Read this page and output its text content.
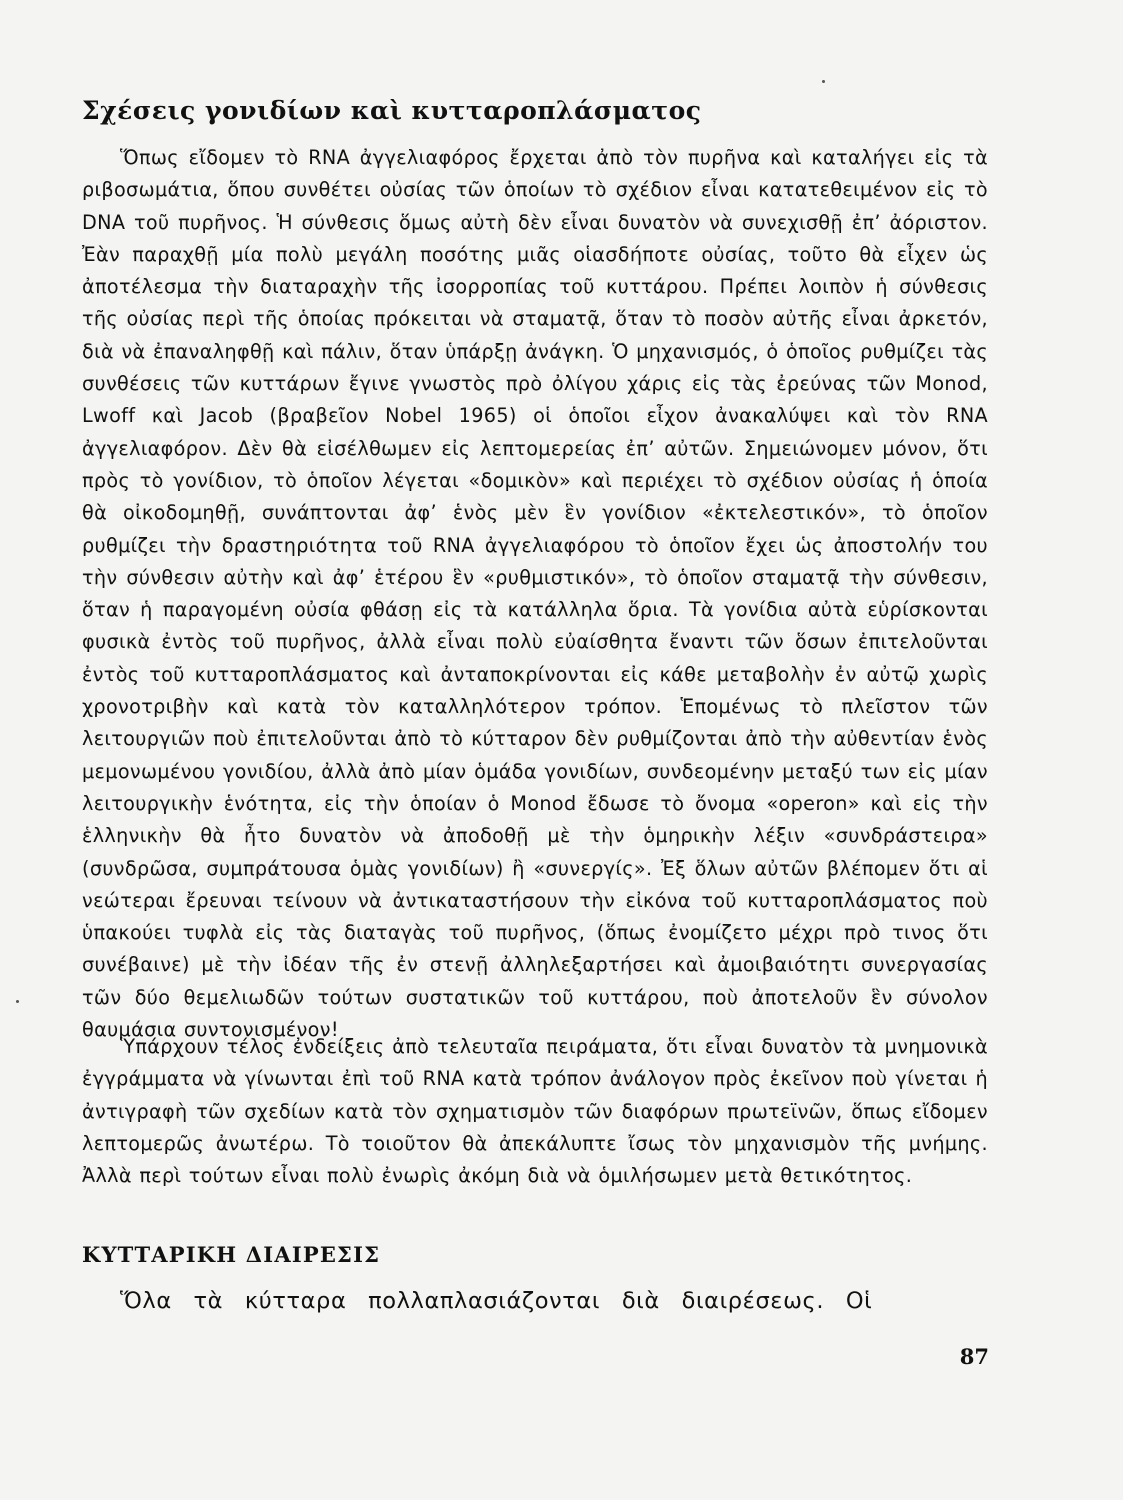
Σχέσεις γονιδίων καὶ κυτταροπλάσματος

Ὅπως εἴδομεν τὸ RNA ἀγγελιαφόρος ἔρχεται ἀπὸ τὸν πυρῆνα καὶ καταλήγει εἰς τὰ ριβοσωμάτια, ὅπου συνθέτει οὐσίας τῶν ὁποίων τὸ σχέδιον εἶναι κατατεθειμένον εἰς τὸ DNA τοῦ πυρῆνος. Ἡ σύνθεσις ὅμως αὐτὴ δὲν εἶναι δυνατὸν νὰ συνεχισθῇ ἐπ’ ἀόριστον. Ἐὰν παραχθῇ μία πολὺ μεγάλη ποσότης μιᾶς οἱασδήποτε οὐσίας, τοῦτο θὰ εἶχεν ὡς ἀποτέλεσμα τὴν διαταραχὴν τῆς ἰσορροπίας τοῦ κυττάρου. Πρέπει λοιπὸν ἡ σύνθεσις τῆς οὐσίας περὶ τῆς ὁποίας πρόκειται νὰ σταματᾷ, ὅταν τὸ ποσὸν αὐτῆς εἶναι ἀρκετόν, διὰ νὰ ἐπαναληφθῇ καὶ πάλιν, ὅταν ὑπάρξῃ ἀνάγκη. Ὁ μηχανισμός, ὁ ὁποῖος ρυθμίζει τὰς συνθέσεις τῶν κυττάρων ἔγινε γνωστὸς πρὸ ὀλίγου χάρις εἰς τὰς ἐρεύνας τῶν Monod, Lwoff καὶ Jacob (βραβεῖον Nobel 1965) οἱ ὁποῖοι εἶχον ἀνακαλύψει καὶ τὸν RNA ἀγγελιαφόρον. Δὲν θὰ εἰσέλθωμεν εἰς λεπτομερείας ἐπ’ αὐτῶν. Σημειώνομεν μόνον, ὅτι πρὸς τὸ γονίδιον, τὸ ὁποῖον λέγεται «δομικὸν» καὶ περιέχει τὸ σχέδιον οὐσίας ἡ ὁποία θὰ οἰκοδομηθῇ, συνάπτονται ἀφ’ ἑνὸς μὲν ἓν γονίδιον «ἐκτελεστικόν», τὸ ὁποῖον ρυθμίζει τὴν δραστηριότητα τοῦ RNA ἀγγελιαφόρου τὸ ὁποῖον ἔχει ὡς ἀποστολήν του τὴν σύνθεσιν αὐτὴν καὶ ἀφ’ ἑτέρου ἓν «ρυθμιστικόν», τὸ ὁποῖον σταματᾷ τὴν σύνθεσιν, ὅταν ἡ παραγομένη οὐσία φθάσῃ εἰς τὰ κατάλληλα ὅρια. Τὰ γονίδια αὐτὰ εὑρίσκονται φυσικὰ ἐντὸς τοῦ πυρῆνος, ἀλλὰ εἶναι πολὺ εὐαίσθητα ἔναντι τῶν ὅσων ἐπιτελοῦνται ἐντὸς τοῦ κυτταροπλάσματος καὶ ἀνταποκρίνονται εἰς κάθε μεταβολὴν ἐν αὐτῷ χωρὶς χρονοτριβὴν καὶ κατὰ τὸν καταλληλότερον τρόπον. Ἑπομένως τὸ πλεῖστον τῶν λειτουργιῶν ποὺ ἐπιτελοῦνται ἀπὸ τὸ κύτταρον δὲν ρυθμίζονται ἀπὸ τὴν αὐθεντίαν ἑνὸς μεμονωμένου γονιδίου, ἀλλὰ ἀπὸ μίαν ὁμάδα γονιδίων, συνδεομένην μεταξύ των εἰς μίαν λειτουργικὴν ἑνότητα, εἰς τὴν ὁποίαν ὁ Monod ἔδωσε τὸ ὄνομα «operon» καὶ εἰς τὴν ἑλληνικὴν θὰ ἦτο δυνατὸν νὰ ἀποδοθῇ μὲ τὴν ὁμηρικὴν λέξιν «συνδράστειρα» (συνδρῶσα, συμπράτουσα ὁμὰς γονιδίων) ἢ «συνεργίς». Ἐξ ὅλων αὐτῶν βλέπομεν ὅτι αἱ νεώτεραι ἔρευναι τείνουν νὰ ἀντικαταστήσουν τὴν εἰκόνα τοῦ κυτταροπλάσματος ποὺ ὑπακούει τυφλὰ εἰς τὰς διαταγὰς τοῦ πυρῆνος, (ὅπως ἐνομίζετο μέχρι πρὸ τινος ὅτι συνέβαινε) μὲ τὴν ἰδέαν τῆς ἐν στενῇ ἀλληλεξαρτήσει καὶ ἀμοιβαιότητι συνεργασίας τῶν δύο θεμελιωδῶν τούτων συστατικῶν τοῦ κυττάρου, ποὺ ἀποτελοῦν ἓν σύνολον θαυμάσια συντονισμένον!

Ὑπάρχουν τέλος ἐνδείξεις ἀπὸ τελευταῖα πειράματα, ὅτι εἶναι δυνατὸν τὰ μνημονικὰ ἐγγράμματα νὰ γίνωνται ἐπὶ τοῦ RNA κατὰ τρόπον ἀνάλογον πρὸς ἐκεῖνον ποὺ γίνεται ἡ ἀντιγραφὴ τῶν σχεδίων κατὰ τὸν σχηματισμὸν τῶν διαφόρων πρωτεϊνῶν, ὅπως εἴδομεν λεπτομερῶς ἀνωτέρω. Τὸ τοιοῦτον θὰ ἀπεκάλυπτε ἴσως τὸν μηχανισμὸν τῆς μνήμης. Ἀλλὰ περὶ τούτων εἶναι πολὺ ἐνωρὶς ἀκόμη διὰ νὰ ὁμιλήσωμεν μετὰ θετικότητος.

ΚΥΤΤΑΡΙΚΗ ΔΙΑΙΡΕΣΙΣ

Ὅλα τὰ κύτταρα πολλαπλασιάζονται διὰ διαιρέσεως. Οἱ

87
